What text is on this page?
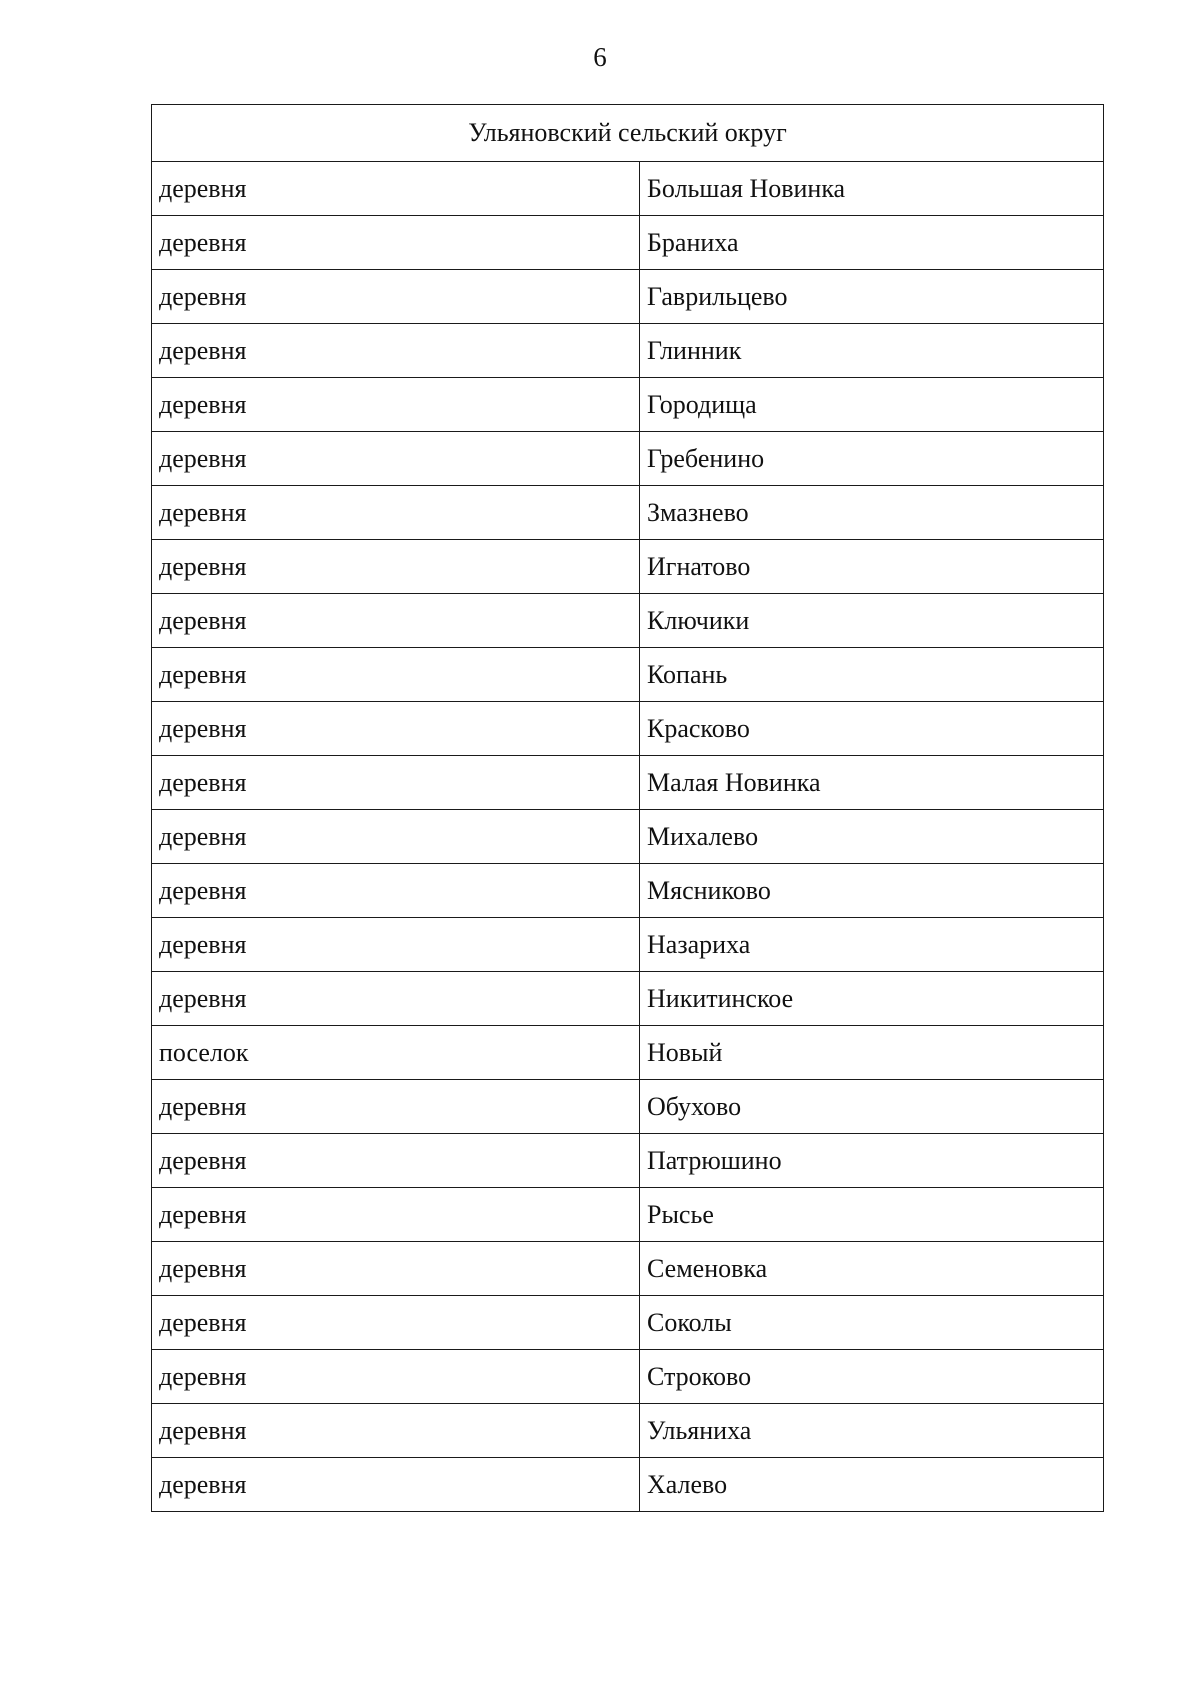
6
Ульяновский сельский округ	
деревня	Большая Новинка
деревня	Браниха
деревня	Гаврильцево
деревня	Глинник
деревня	Городища
деревня	Гребенино
деревня	Змазнево
деревня	Игнатово
деревня	Ключики
деревня	Копань
деревня	Красково
деревня	Малая Новинка
деревня	Михалево
деревня	Мясниково
деревня	Назариха
деревня	Никитинское
поселок	Новый
деревня	Обухово
деревня	Патрюшино
деревня	Рысье
деревня	Семеновка
деревня	Соколы
деревня	Строково
деревня	Ульяниха
деревня	Халево
